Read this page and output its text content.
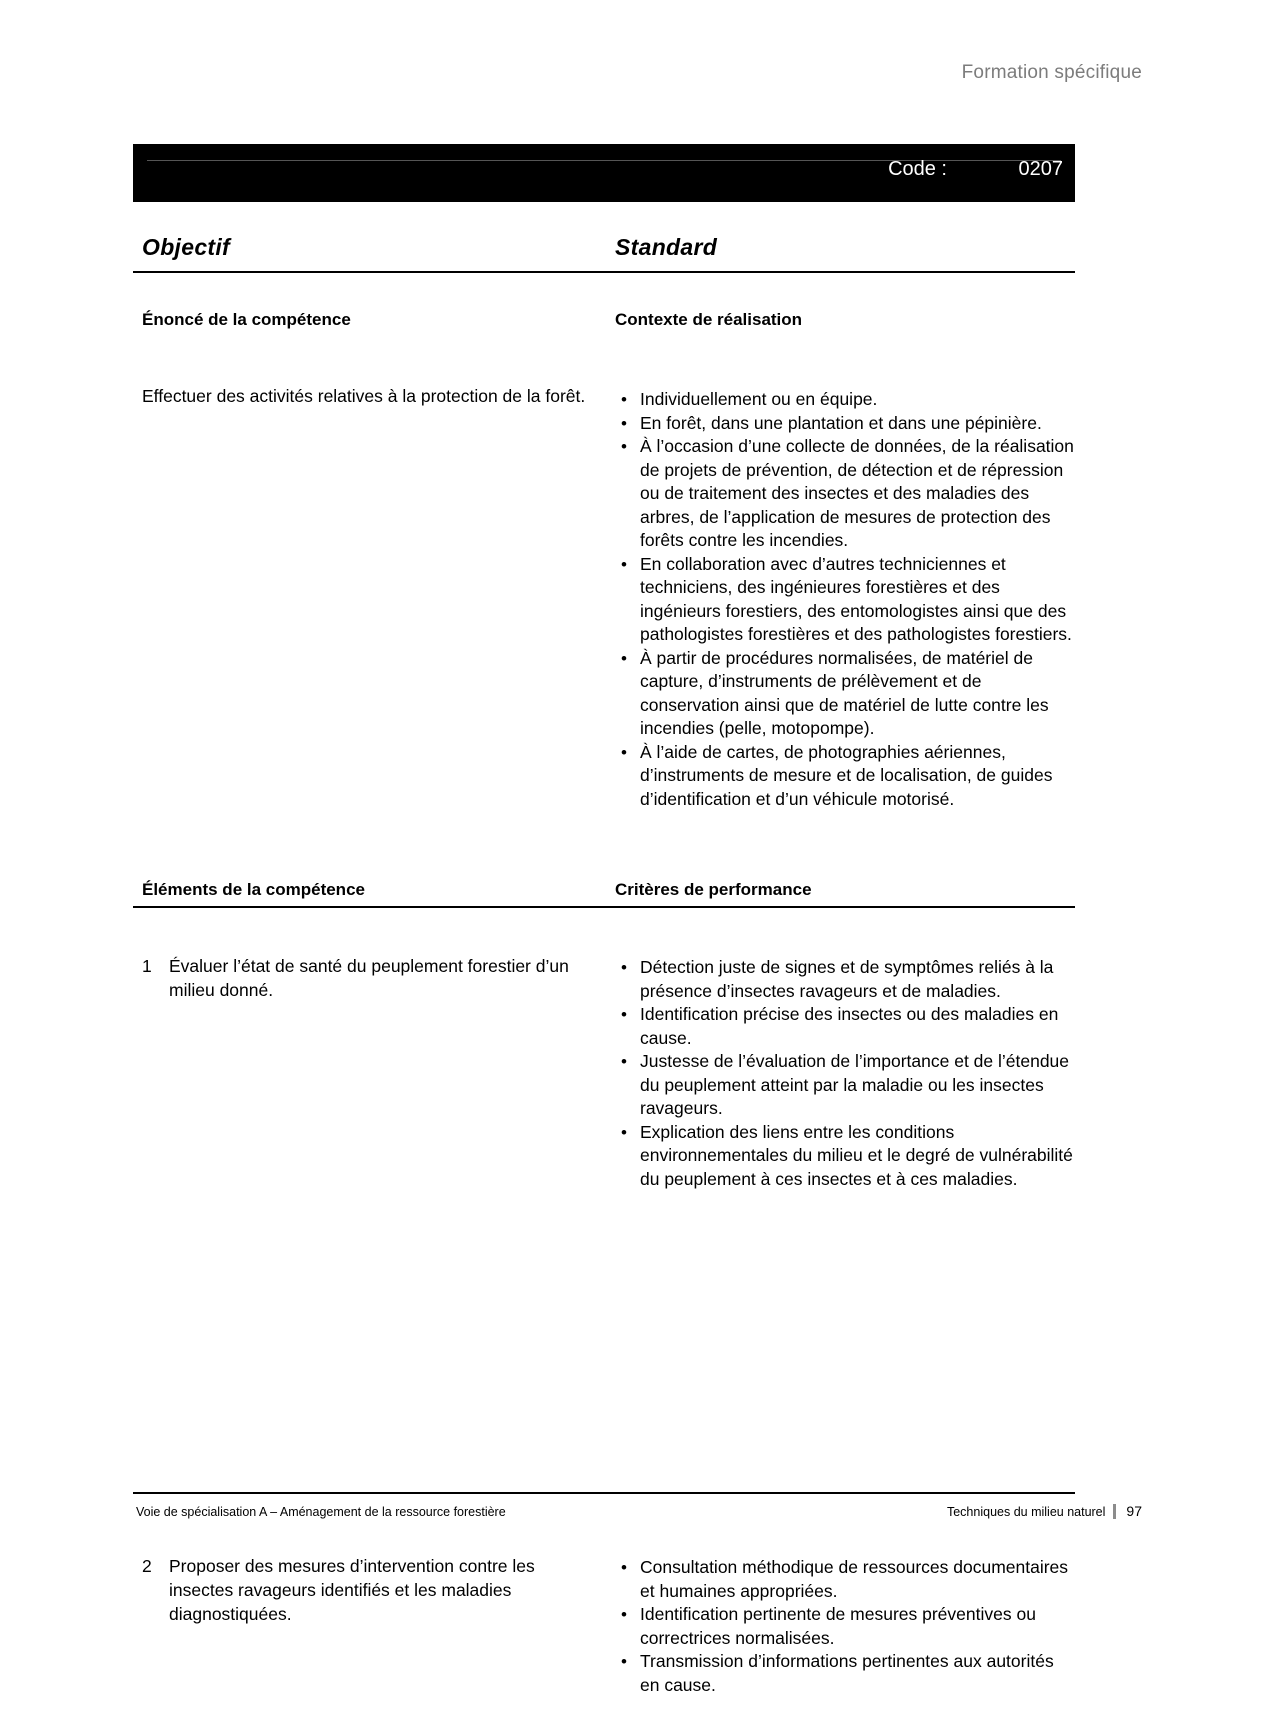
Formation spécifique
Code :	0207
Objectif	Standard
Énoncé de la compétence	Contexte de réalisation
Effectuer des activités relatives à la protection de la forêt.	• Individuellement ou en équipe.
• En forêt, dans une plantation et dans une pépinière.
• À l’occasion d’une collecte de données, de la réalisation de projets de prévention, de détection et de répression ou de traitement des insectes et des maladies des arbres, de l’application de mesures de protection des forêts contre les incendies.
• En collaboration avec d’autres techniciennes et techniciens, des ingénieures forestières et des ingénieurs forestiers, des entomologistes ainsi que des pathologistes forestières et des pathologistes forestiers.
• À partir de procédures normalisées, de matériel de capture, d’instruments de prélèvement et de conservation ainsi que de matériel de lutte contre les incendies (pelle, motopompe).
• À l’aide de cartes, de photographies aériennes, d’instruments de mesure et de localisation, de guides d’identification et d’un véhicule motorisé.
Éléments de la compétence	Critères de performance
1 Évaluer l’état de santé du peuplement forestier d’un milieu donné.
• Détection juste de signes et de symptômes reliés à la présence d’insectes ravageurs et de maladies.
• Identification précise des insectes ou des maladies en cause.
• Justesse de l’évaluation de l’importance et de l’étendue du peuplement atteint par la maladie ou les insectes ravageurs.
• Explication des liens entre les conditions environnementales du milieu et le degré de vulnérabilité du peuplement à ces insectes et à ces maladies.
2 Proposer des mesures d’intervention contre les insectes ravageurs identifiés et les maladies diagnostiquées.
• Consultation méthodique de ressources documentaires et humaines appropriées.
• Identification pertinente de mesures préventives ou correctrices normalisées.
• Transmission d’informations pertinentes aux autorités en cause.
Voie de spécialisation A – Aménagement de la ressource forestière	Techniques du milieu naturel 97
